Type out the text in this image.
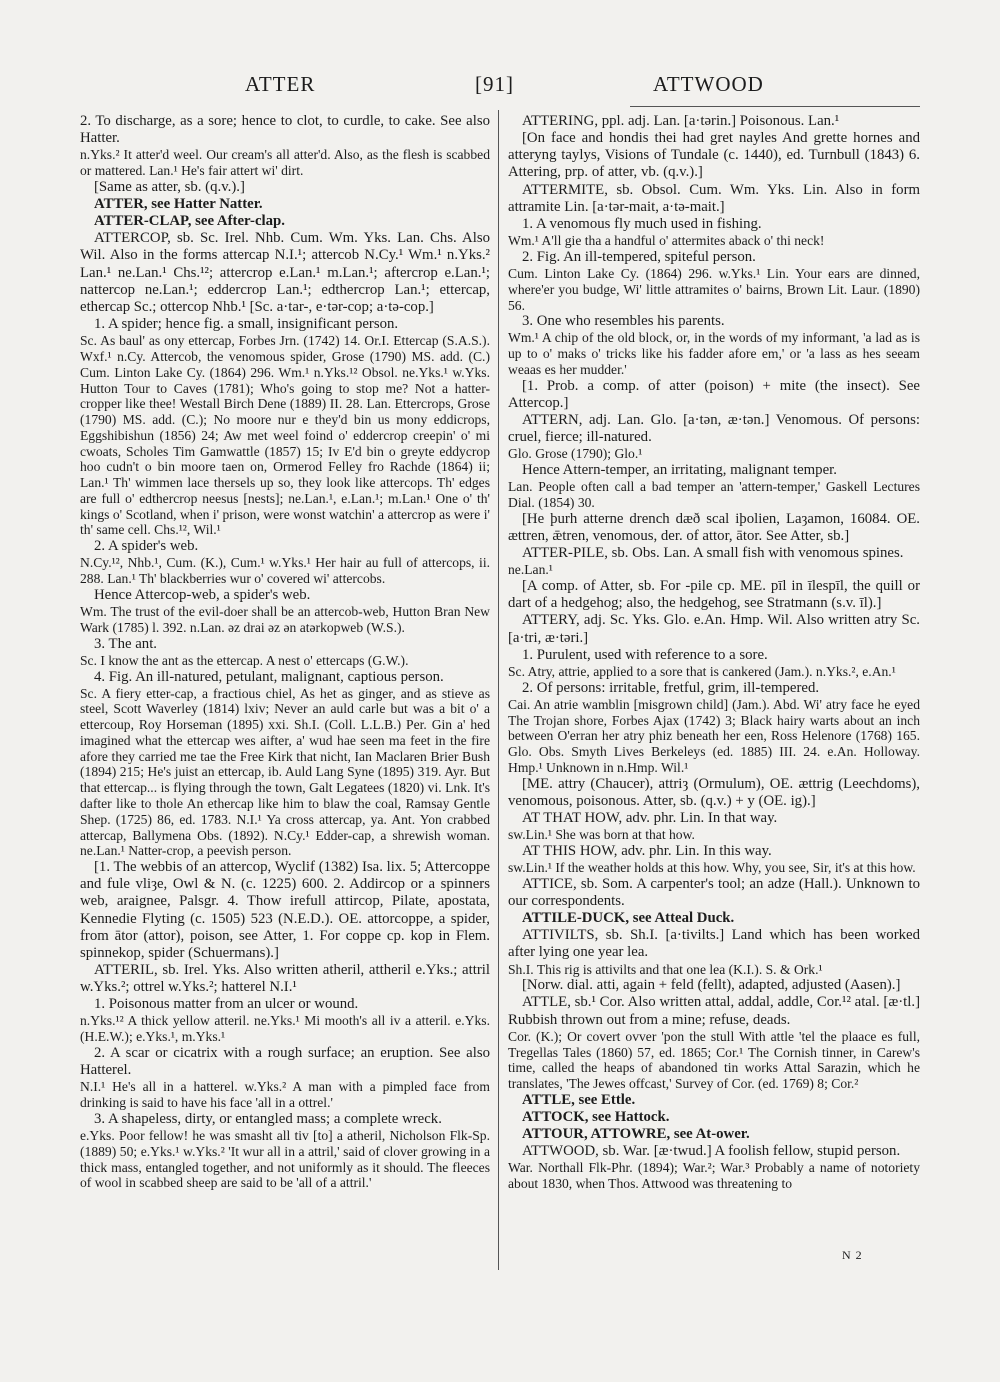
ATTER	[91]	ATTWOOD

2. To discharge, as a sore; hence to clot, to curdle, to cake. See also Hatter.

n.Yks.² It atter'd weel. Our cream's all atter'd. Also, as the flesh is scabbed or mattered. Lan.¹ He's fair attert wi' dirt.

[Same as atter, sb. (q.v.).]

ATTER, see Hatter Natter.

ATTER-CLAP, see After-clap.

ATTERCOP, sb. Sc. Irel. Nhb. Cum. Wm. Yks. Lan. Chs. Also Wil. Also in the forms attercap N.I.¹; attercob N.Cy.¹ Wm.¹ n.Yks.² Lan.¹ ne.Lan.¹ Chs.¹²; attercrop e.Lan.¹ m.Lan.¹; aftercrop e.Lan.¹; nattercop ne.Lan.¹; eddercrop Lan.¹; edthercrop Lan.¹; ettercap, ethercap Sc.; ottercop Nhb.¹ [Sc. a·tar-, e·tər-cop; a·tə-cop.]

1. A spider; hence fig. a small, insignificant person.

Sc. As baul' as ony ettercap, Forbes Jrn. (1742) 14. Or.I. Ettercap (S.A.S.). Wxf.¹ n.Cy. Attercob, the venomous spider, Grose (1790) MS. add. (C.) Cum. Linton Lake Cy. (1864) 296. Wm.¹ n.Yks.¹² Obsol. ne.Yks.¹ w.Yks. Hutton Tour to Caves (1781); Who's going to stop me? Not a hatter-cropper like thee! Westall Birch Dene (1889) II. 28. Lan. Ettercrops, Grose (1790) MS. add. (C.); No moore nur e they'd bin us mony eddicrops, Eggshibishun (1856) 24; Aw met weel foind o' eddercrop creepin' o' mi cwoats, Scholes Tim Gamwattle (1857) 15; Iv E'd bin o greyte eddycrop hoo cudn't o bin moore taen on, Ormerod Felley fro Rachde (1864) ii; Lan.¹ Th' wimmen lace thersels up so, they look like attercops. Th' edges are full o' edthercrop neesus [nests]; ne.Lan.¹, e.Lan.¹; m.Lan.¹ One o' th' kings o' Scotland, when i' prison, were wonst watchin' a attercrop as were i' th' same cell. Chs.¹², Wil.¹

2. A spider's web.

N.Cy.¹², Nhb.¹, Cum. (K.), Cum.¹ w.Yks.¹ Her hair au full of attercops, ii. 288. Lan.¹ Th' blackberries wur o' covered wi' attercobs.

Hence Attercop-web, a spider's web.

Wm. The trust of the evil-doer shall be an attercob-web, Hutton Bran New Wark (1785) l. 392. n.Lan. əz drai əz ən atərkopweb (W.S.).

3. The ant.

Sc. I know the ant as the ettercap. A nest o' ettercaps (G.W.).

4. Fig. An ill-natured, petulant, malignant, captious person.

Sc. A fiery etter-cap, a fractious chiel, As het as ginger, and as stieve as steel, Scott Waverley (1814) lxiv; Never an auld carle but was a bit o' a ettercoup, Roy Horseman (1895) xxi. Sh.I. (Coll. L.L.B.) Per. Gin a' hed imagined what the ettercap wes aifter, a' wud hae seen ma feet in the fire afore they carried me tae the Free Kirk that nicht, Ian Maclaren Brier Bush (1894) 215; He's juist an ettercap, ib. Auld Lang Syne (1895) 319. Ayr. But that ettercap... is flying through the town, Galt Legatees (1820) vi. Lnk. It's dafter like to thole An ethercap like him to blaw the coal, Ramsay Gentle Shep. (1725) 86, ed. 1783. N.I.¹ Ya cross attercap, ya. Ant. Yon crabbed attercap, Ballymena Obs. (1892). N.Cy.¹ Edder-cap, a shrewish woman. ne.Lan.¹ Natter-crop, a peevish person.

[1. The webbis of an attercop, Wyclif (1382) Isa. lix. 5; Attercoppe and fule vliȝe, Owl & N. (c. 1225) 600. 2. Addircop or a spinners web, araignee, Palsgr. 4. Thow irefull attircop, Pilate, apostata, Kennedie Flyting (c. 1505) 523 (N.E.D.). OE. attorcoppe, a spider, from ātor (attor), poison, see Atter, 1. For coppe cp. kop in Flem. spinnekop, spider (Schuermans).]

ATTERIL, sb. Irel. Yks. Also written atheril, attheril e.Yks.; attril w.Yks.²; ottrel w.Yks.²; hatterel N.I.¹

1. Poisonous matter from an ulcer or wound.

n.Yks.¹² A thick yellow atteril. ne.Yks.¹ Mi mooth's all iv a atteril. e.Yks. (H.E.W.); e.Yks.¹, m.Yks.¹

2. A scar or cicatrix with a rough surface; an eruption. See also Hatterel.

N.I.¹ He's all in a hatterel. w.Yks.² A man with a pimpled face from drinking is said to have his face 'all in a ottrel.'

3. A shapeless, dirty, or entangled mass; a complete wreck.

e.Yks. Poor fellow! he was smasht all tiv [to] a atheril, Nicholson Flk-Sp. (1889) 50; e.Yks.¹ w.Yks.² 'It wur all in a attril,' said of clover growing in a thick mass, entangled together, and not uniformly as it should. The fleeces of wool in scabbed sheep are said to be 'all of a attril.'

ATTERING, ppl. adj. Lan. [a·tərin.] Poisonous. Lan.¹

[On face and hondis thei had gret nayles And grette hornes and atteryng taylys, Visions of Tundale (c. 1440), ed. Turnbull (1843) 6. Attering, prp. of atter, vb. (q.v.).]

ATTERMITE, sb. Obsol. Cum. Wm. Yks. Lin. Also in form attramite Lin. [a·tər-mait, a·tə-mait.]

1. A venomous fly much used in fishing.

Wm.¹ A'll gie tha a handful o' attermites aback o' thi neck!

2. Fig. An ill-tempered, spiteful person.

Cum. Linton Lake Cy. (1864) 296. w.Yks.¹ Lin. Your ears are dinned, where'er you budge, Wi' little attramites o' bairns, Brown Lit. Laur. (1890) 56.

3. One who resembles his parents.

Wm.¹ A chip of the old block, or, in the words of my informant, 'a lad as is up to o' maks o' tricks like his fadder afore em,' or 'a lass as hes seeam weaas es her mudder.'

[1. Prob. a comp. of atter (poison) + mite (the insect). See Attercop.]

ATTERN, adj. Lan. Glo. [a·tən, æ·tən.] Venomous. Of persons: cruel, fierce; ill-natured.

Glo. Grose (1790); Glo.¹

Hence Attern-temper, an irritating, malignant temper.

Lan. People often call a bad temper an 'attern-temper,' Gaskell Lectures Dial. (1854) 30.

[He þurh atterne drench dæð scal iþolien, Laȝamon, 16084. OE. ættren, ǣtren, venomous, der. of attor, ātor. See Atter, sb.]

ATTER-PILE, sb. Obs. Lan. A small fish with venomous spines.

ne.Lan.¹

[A comp. of Atter, sb. For -pile cp. ME. pīl in īlespīl, the quill or dart of a hedgehog; also, the hedgehog, see Stratmann (s.v. īl).]

ATTERY, adj. Sc. Yks. Glo. e.An. Hmp. Wil. Also written atry Sc. [a·tri, æ·təri.]

1. Purulent, used with reference to a sore.

Sc. Atry, attrie, applied to a sore that is cankered (Jam.). n.Yks.², e.An.¹

2. Of persons: irritable, fretful, grim, ill-tempered.

Cai. An atrie wamblin [misgrown child] (Jam.). Abd. Wi' atry face he eyed The Trojan shore, Forbes Ajax (1742) 3; Black hairy warts about an inch between O'erran her atry phiz beneath her een, Ross Helenore (1768) 165. Glo. Obs. Smyth Lives Berkeleys (ed. 1885) III. 24. e.An. Holloway. Hmp.¹ Unknown in n.Hmp. Wil.¹

[ME. attry (Chaucer), attriȝ (Ormulum), OE. ættrig (Leechdoms), venomous, poisonous. Atter, sb. (q.v.) + y (OE. ig).]

AT THAT HOW, adv. phr. Lin. In that way.

sw.Lin.¹ She was born at that how.

AT THIS HOW, adv. phr. Lin. In this way.

sw.Lin.¹ If the weather holds at this how. Why, you see, Sir, it's at this how.

ATTICE, sb. Som. A carpenter's tool; an adze (Hall.). Unknown to our correspondents.

ATTILE-DUCK, see Atteal Duck.

ATTIVILTS, sb. Sh.I. [a·tivilts.] Land which has been worked after lying one year lea.

Sh.I. This rig is attivilts and that one lea (K.I.). S. & Ork.¹

[Norw. dial. atti, again + feld (fellt), adapted, adjusted (Aasen).]

ATTLE, sb.¹ Cor. Also written attal, addal, addle, Cor.¹² atal. [æ·tl.] Rubbish thrown out from a mine; refuse, deads.

Cor. (K.); Or covert ovver 'pon the stull With attle 'tel the plaace es full, Tregellas Tales (1860) 57, ed. 1865; Cor.¹ The Cornish tinner, in Carew's time, called the heaps of abandoned tin works Attal Sarazin, which he translates, 'The Jewes offcast,' Survey of Cor. (ed. 1769) 8; Cor.²

ATTLE, see Ettle.

ATTOCK, see Hattock.

ATTOUR, ATTOWRE, see At-ower.

ATTWOOD, sb. War. [æ·twud.] A foolish fellow, stupid person.

War. Northall Flk-Phr. (1894); War.²; War.³ Probably a name of notoriety about 1830, when Thos. Attwood was threatening to

N 2
